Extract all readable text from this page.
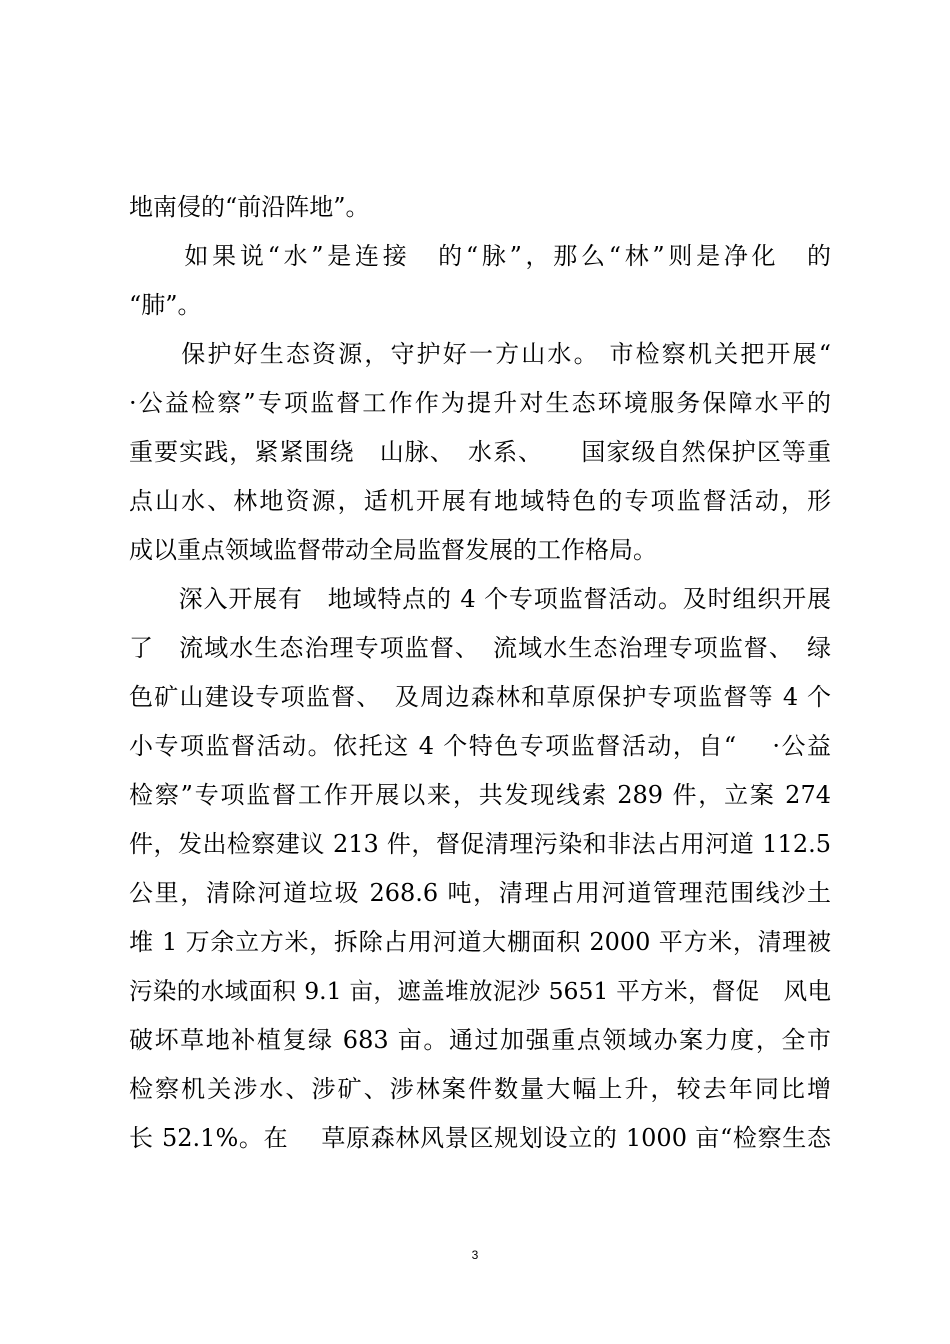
地南侵的“前沿阵地”。
　　如果说“水”是连接　的“脉”，那么“林”则是净化　的
“肺”。
　　保护好生态资源，守护好一方山水。 市检察机关把开展“
·公益检察”专项监督工作作为提升对生态环境服务保障水平的
重要实践，紧紧围绕　山脉、　水系、　　国家级自然保护区等重
点山水、林地资源，适机开展有地域特色的专项监督活动，形
成以重点领域监督带动全局监督发展的工作格局。
　　深入开展有　地域特点的 4 个专项监督活动。及时组织开展
了　流域水生态治理专项监督、　流域水生态治理专项监督、　绿
色矿山建设专项监督、　及周边森林和草原保护专项监督等 4 个
小专项监督活动。依托这 4 个特色专项监督活动，自“　 ·公益
检察”专项监督工作开展以来，共发现线索 289 件，立案 274
件，发出检察建议 213 件，督促清理污染和非法占用河道 112.5
公里，清除河道垃圾 268.6 吨，清理占用河道管理范围线沙土
堆 1 万余立方米，拆除占用河道大棚面积 2000 平方米，清理被
污染的水域面积 9.1 亩，遮盖堆放泥沙 5651 平方米，督促　风电
破坏草地补植复绿 683 亩。通过加强重点领域办案力度，全市
检察机关涉水、涉矿、涉林案件数量大幅上升，较去年同比增
长 52.1%。在　 草原森林风景区规划设立的 1000 亩“检察生态
3
